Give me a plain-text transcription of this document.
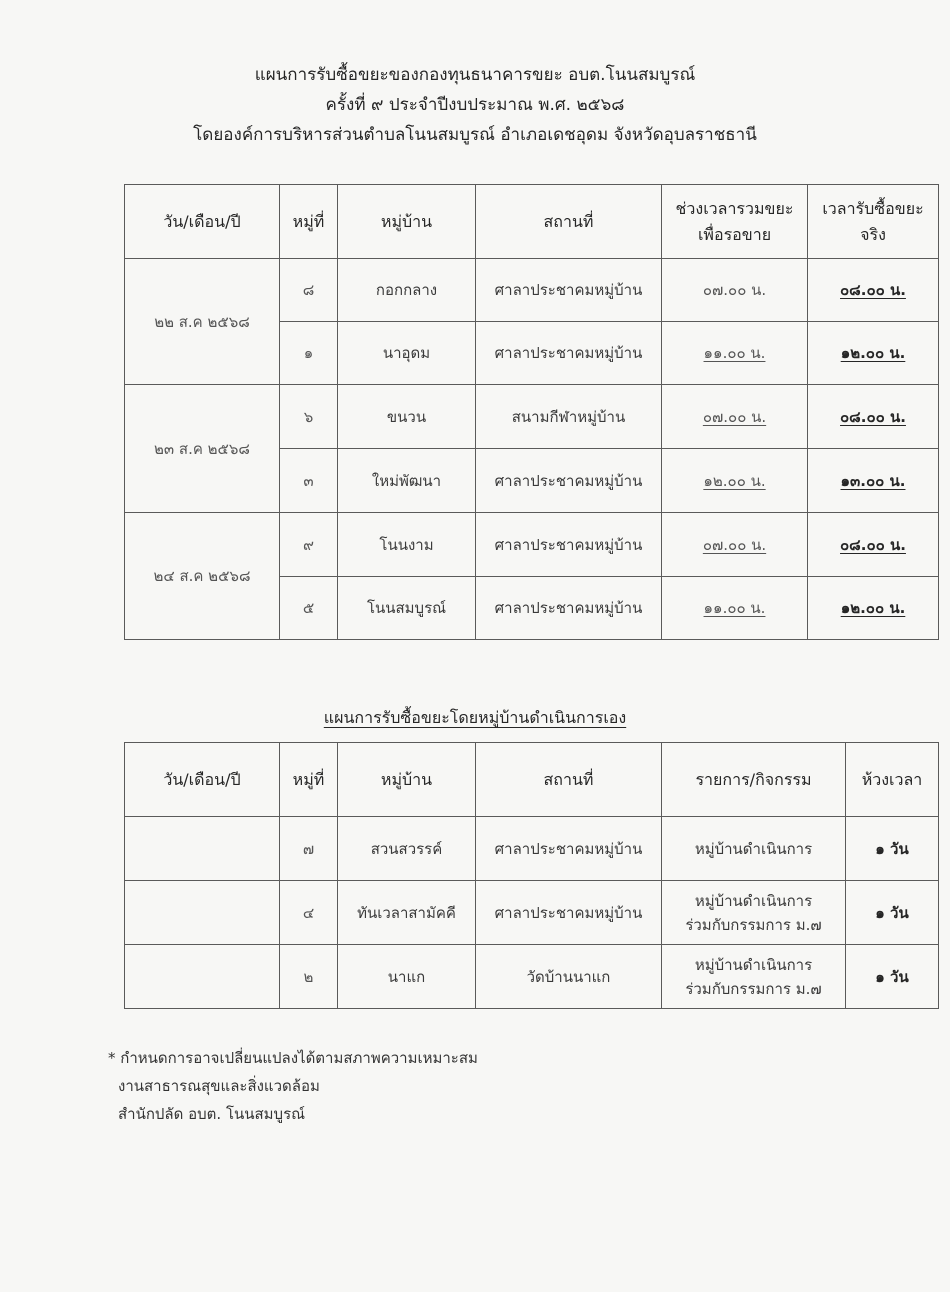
แผนการรับซื้อขยะของกองทุนธนาคารขยะ อบต.โนนสมบูรณ์
ครั้งที่ ๙ ประจำปีงบประมาณ พ.ศ. ๒๕๖๘
โดยองค์การบริหารส่วนตำบลโนนสมบูรณ์ อำเภอเดชอุดม จังหวัดอุบลราชธานี
วัน/เดือน/ปี	หมู่ที่	หมู่บ้าน	สถานที่	ช่วงเวลารวมขยะ เพื่อรอขาย	เวลารับซื้อขยะ จริง
๒๒ ส.ค ๒๕๖๘	๘	กอกกลาง	ศาลาประชาคมหมู่บ้าน	๐๗.๐๐ น.	๐๘.๐๐ น.
	๑	นาอุดม	ศาลาประชาคมหมู่บ้าน	๑๑.๐๐ น.	๑๒.๐๐ น.
๒๓ ส.ค ๒๕๖๘	๖	ขนวน	สนามกีฬาหมู่บ้าน	๐๗.๐๐ น.	๐๘.๐๐ น.
	๓	ใหม่พัฒนา	ศาลาประชาคมหมู่บ้าน	๑๒.๐๐ น.	๑๓.๐๐ น.
๒๔ ส.ค ๒๕๖๘	๙	โนนงาม	ศาลาประชาคมหมู่บ้าน	๐๗.๐๐ น.	๐๘.๐๐ น.
	๕	โนนสมบูรณ์	ศาลาประชาคมหมู่บ้าน	๑๑.๐๐ น.	๑๒.๐๐ น.
แผนการรับซื้อขยะโดยหมู่บ้านดำเนินการเอง
วัน/เดือน/ปี	หมู่ที่	หมู่บ้าน	สถานที่	รายการ/กิจกรรม	ห้วงเวลา
	๗	สวนสวรรค์	ศาลาประชาคมหมู่บ้าน	หมู่บ้านดำเนินการ	๑ วัน
	๔	ทันเวลาสามัคคี	ศาลาประชาคมหมู่บ้าน	หมู่บ้านดำเนินการ
ร่วมกับกรรมการ ม.๗	๑ วัน
	๒	นาแก	วัดบ้านนาแก	หมู่บ้านดำเนินการ
ร่วมกับกรรมการ ม.๗	๑ วัน
* กำหนดการอาจเปลี่ยนแปลงได้ตามสภาพความเหมาะสม
งานสาธารณสุขและสิ่งแวดล้อม
สำนักปลัด อบต. โนนสมบูรณ์
